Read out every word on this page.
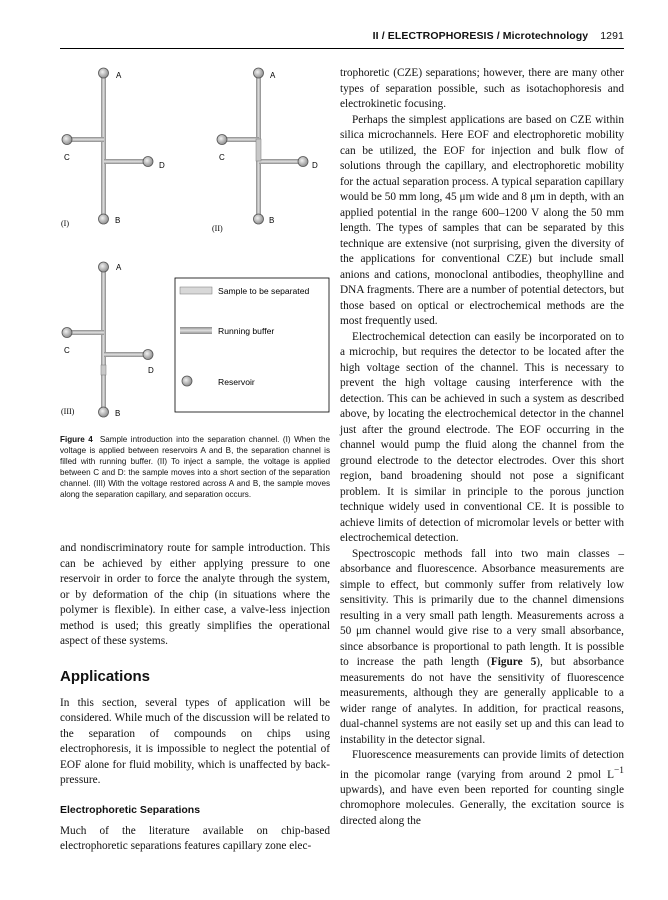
II / ELECTROPHORESIS / Microtechnology 1291
A
B
C
D
(I)
A
B
C
D
(II)
A
B
C
D
(III)
Sample to be separated
Running buffer
Reservoir
Figure 4 Sample introduction into the separation channel. (I) When the voltage is applied between reservoirs A and B, the separation channel is filled with running buffer. (II) To inject a sample, the voltage is applied between C and D: the sample moves into a short section of the separation channel. (III) With the voltage restored across A and B, the sample moves along the separation capillary, and separation occurs.

and nondiscriminatory route for sample introduction. This can be achieved by either applying pressure to one reservoir in order to force the analyte through the system, or by deformation of the chip (in situations where the polymer is flexible). In either case, a valve-less injection method is used; this greatly simplifies the operational aspect of these systems.

Applications

In this section, several types of application will be considered. While much of the discussion will be related to the separation of compounds on chips using electrophoresis, it is impossible to neglect the potential of EOF alone for fluid mobility, which is unaffected by back-pressure.

Electrophoretic Separations

Much of the literature available on chip-based electrophoretic separations features capillary zone elec-

trophoretic (CZE) separations; however, there are many other types of separation possible, such as isotachophoresis and electrokinetic focusing.

Perhaps the simplest applications are based on CZE within silica microchannels. Here EOF and electrophoretic mobility can be utilized, the EOF for injection and bulk flow of solutions through the capillary, and electrophoretic mobility for the actual separation process. A typical separation capillary would be 50 mm long, 45 μm wide and 8 μm in depth, with an applied potential in the range 600–1200 V along the 50 mm length. The types of samples that can be separated by this technique are extensive (not surprising, given the diversity of the applications for conventional CZE) but include small anions and cations, monoclonal antibodies, theophylline and DNA fragments. There are a number of potential detectors, but those based on optical or electrochemical methods are the most frequently used.

Electrochemical detection can easily be incorporated on to a microchip, but requires the detector to be located after the high voltage section of the channel. This is necessary to prevent the high voltage causing interference with the detection. This can be achieved in such a system as described above, by locating the electrochemical detector in the channel just after the ground electrode. The EOF occurring in the channel would pump the fluid along the channel from the ground electrode to the detector electrodes. Over this short region, band broadening should not pose a significant problem. It is similar in principle to the porous junction technique widely used in conventional CE. It is possible to achieve limits of detection of micromolar levels or better with electrochemical detection.

Spectroscopic methods fall into two main classes – absorbance and fluorescence. Absorbance measurements are simple to effect, but commonly suffer from relatively low sensitivity. This is primarily due to the channel dimensions resulting in a very small path length. Measurements across a 50 μm channel would give rise to a very small absorbance, since absorbance is proportional to path length. It is possible to increase the path length (Figure 5), but absorbance measurements do not have the sensitivity of fluorescence measurements, although they are generally applicable to a wider range of analytes. In addition, for practical reasons, dual-channel systems are not easily set up and this can lead to instability in the detector signal.

Fluorescence measurements can provide limits of detection in the picomolar range (varying from around 2 pmol $L^{-1}$ upwards), and have even been reported for counting single chromophore molecules. Generally, the excitation source is directed along the
